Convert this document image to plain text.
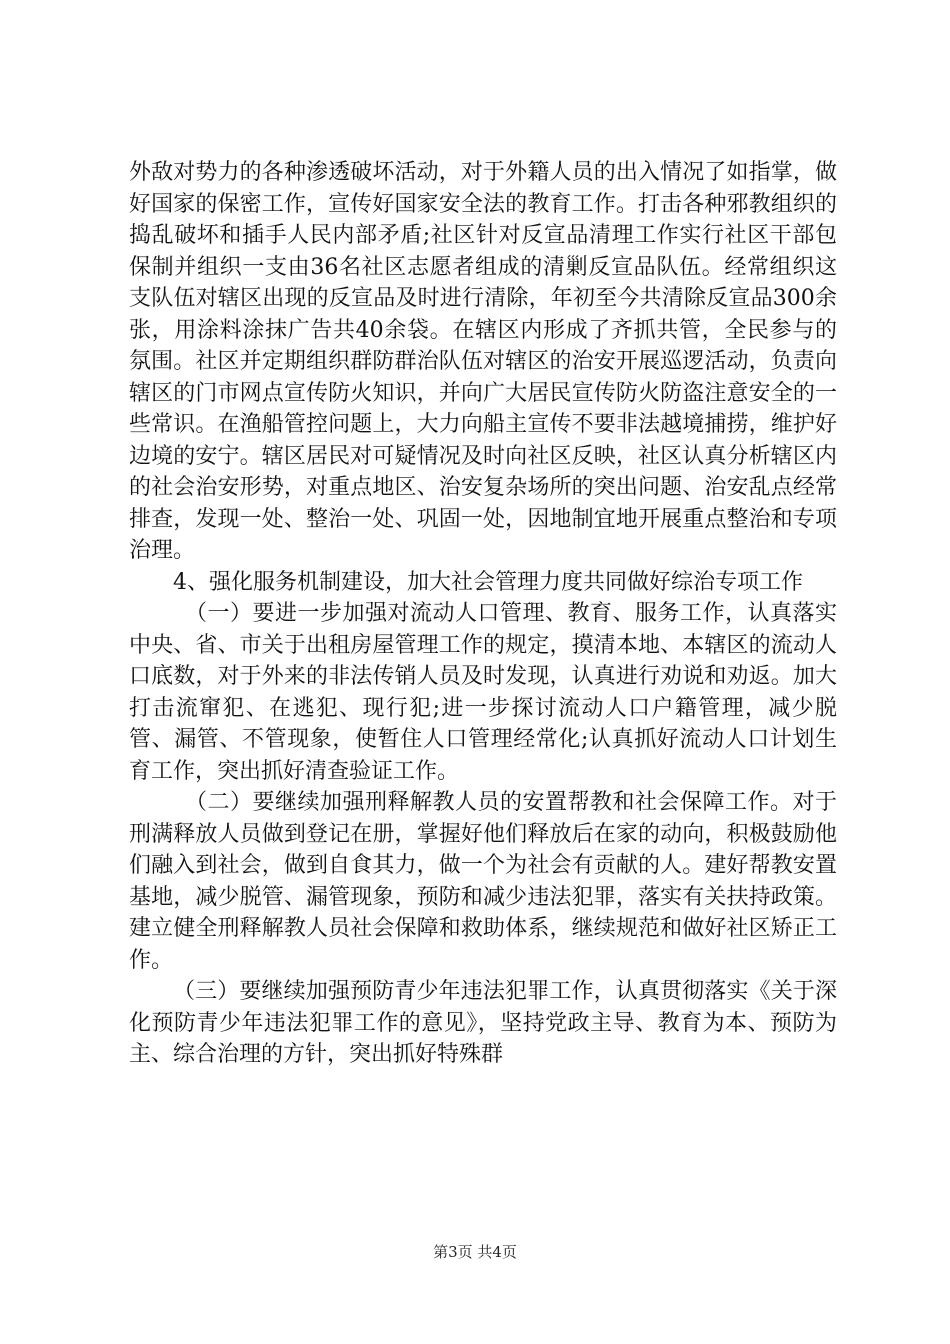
外敌对势力的各种渗透破坏活动，对于外籍人员的出入情况了如指掌，做好国家的保密工作，宣传好国家安全法的教育工作。打击各种邪教组织的捣乱破坏和插手人民内部矛盾;社区针对反宣品清理工作实行社区干部包保制并组织一支由36名社区志愿者组成的清剿反宣品队伍。经常组织这支队伍对辖区出现的反宣品及时进行清除，年初至今共清除反宣品300余张，用涂料涂抹广告共40余袋。在辖区内形成了齐抓共管，全民参与的氛围。社区并定期组织群防群治队伍对辖区的治安开展巡逻活动，负责向辖区的门市网点宣传防火知识，并向广大居民宣传防火防盗注意安全的一些常识。在渔船管控问题上，大力向船主宣传不要非法越境捕捞，维护好边境的安宁。辖区居民对可疑情况及时向社区反映，社区认真分析辖区内的社会治安形势，对重点地区、治安复杂场所的突出问题、治安乱点经常排查，发现一处、整治一处、巩固一处，因地制宜地开展重点整治和专项治理。

4、强化服务机制建设，加大社会管理力度共同做好综治专项工作

（一）要进一步加强对流动人口管理、教育、服务工作，认真落实中央、省、市关于出租房屋管理工作的规定，摸清本地、本辖区的流动人口底数，对于外来的非法传销人员及时发现，认真进行劝说和劝返。加大打击流窜犯、在逃犯、现行犯;进一步探讨流动人口户籍管理，减少脱管、漏管、不管现象，使暂住人口管理经常化;认真抓好流动人口计划生育工作，突出抓好清查验证工作。

（二）要继续加强刑释解教人员的安置帮教和社会保障工作。对于刑满释放人员做到登记在册，掌握好他们释放后在家的动向，积极鼓励他们融入到社会，做到自食其力，做一个为社会有贡献的人。建好帮教安置基地，减少脱管、漏管现象，预防和减少违法犯罪，落实有关扶持政策。建立健全刑释解教人员社会保障和救助体系，继续规范和做好社区矫正工作。

（三）要继续加强预防青少年违法犯罪工作，认真贯彻落实《关于深化预防青少年违法犯罪工作的意见》，坚持党政主导、教育为本、预防为主、综合治理的方针，突出抓好特殊群

第3页 共4页
